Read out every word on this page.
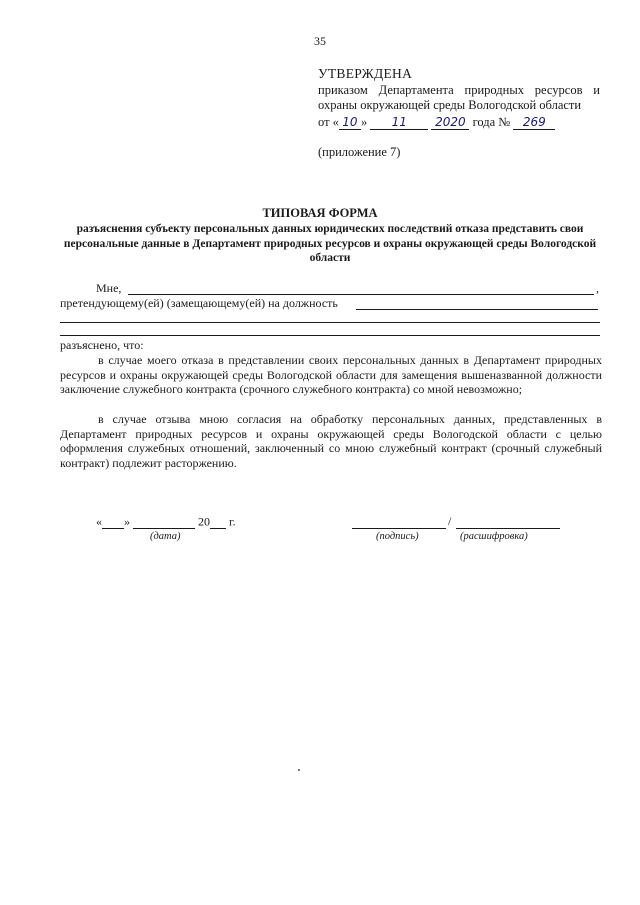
35
УТВЕРЖДЕНА
приказом Департамента природных ресурсов и охраны окружающей среды Вологодской области
от « 10 » 11 2020 года № 269
(приложение 7)
ТИПОВАЯ ФОРМА
разъяснения субъекту персональных данных юридических последствий отказа представить свои персональные данные в Департамент природных ресурсов и охраны окружающей среды Вологодской области
Мне,	,
претендующему(ей) (замещающему(ей) на должность
разъяснено, что:
в случае моего отказа в представлении своих персональных данных в Департамент природных ресурсов и охраны окружающей среды Вологодской области для замещения вышеназванной должности заключение служебного контракта (срочного служебного контракта) со мной невозможно;
в случае отзыва мною согласия на обработку персональных данных, представленных в Департамент природных ресурсов и охраны окружающей среды Вологодской области с целью оформления служебных отношений, заключенный со мною служебный контракт (срочный служебный контракт) подлежит расторжению.
« »	20 г.	/
(дата)	(подпись)	(расшифровка)
